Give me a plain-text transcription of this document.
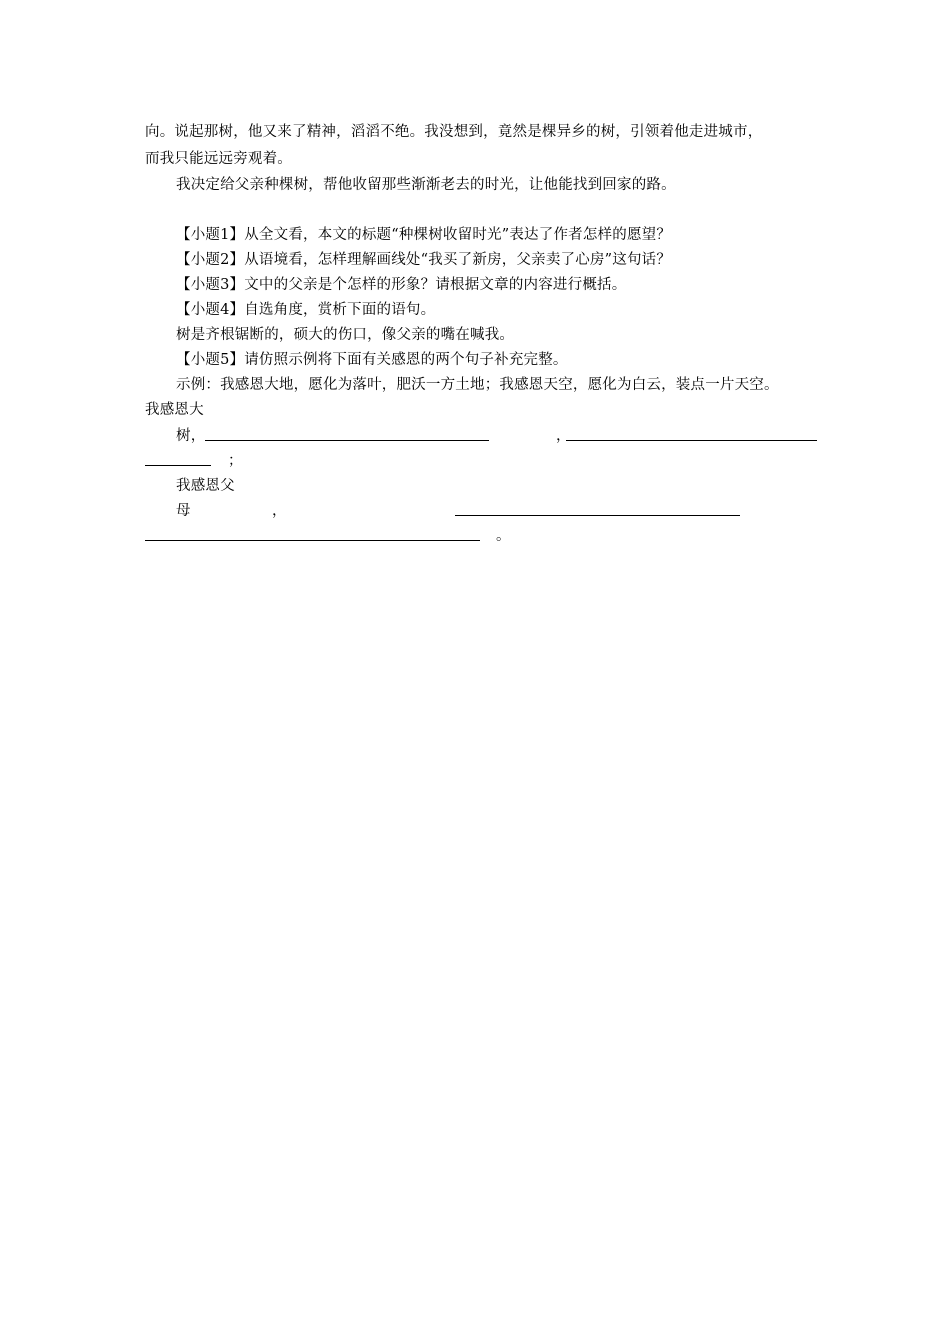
向。说起那树，他又来了精神，滔滔不绝。我没想到，竟然是棵异乡的树，引领着他走进城市，
而我只能远远旁观着。
我决定给父亲种棵树，帮他收留那些渐渐老去的时光，让他能找到回家的路。
【小题1】从全文看，本文的标题“种棵树收留时光”表达了作者怎样的愿望？
【小题2】从语境看，怎样理解画线处“我买了新房，父亲卖了心房”这句话？
【小题3】文中的父亲是个怎样的形象？请根据文章的内容进行概括。
【小题4】自选角度，赏析下面的语句。
树是齐根锯断的，硕大的伤口，像父亲的嘴在喊我。
【小题5】请仿照示例将下面有关感恩的两个句子补充完整。
示例：我感恩大地，愿化为落叶，肥沃一方土地；我感恩天空，愿化为白云，装点一片天空。
我感恩大
树，	，
；
我感恩父
母	，
。
